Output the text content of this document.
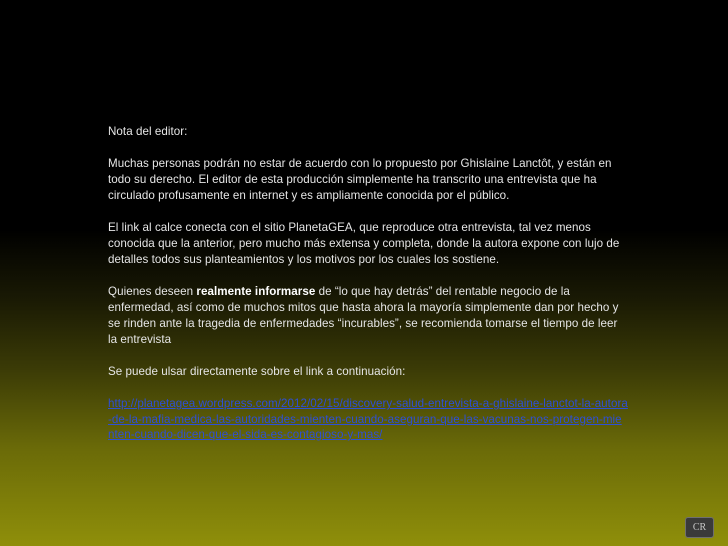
Nota del editor:

Muchas personas podrán no estar de acuerdo con lo propuesto por Ghislaine Lanctôt, y están en todo su derecho. El editor de esta producción simplemente ha transcrito una entrevista que ha circulado profusamente en internet y es ampliamente conocida por el público.

El link al calce conecta con el sitio PlanetaGEA, que reproduce otra entrevista, tal vez menos conocida que la anterior, pero mucho más extensa y completa, donde la autora expone con lujo de detalles todos sus planteamientos y los motivos por los cuales los sostiene.

Quienes deseen realmente informarse de “lo que hay detrás” del rentable negocio de la enfermedad, así como de muchos mitos que hasta ahora la mayoría simplemente dan por hecho y se rinden ante la tragedia de enfermedades “incurables”, se recomienda tomarse el tiempo de leer la entrevista

Se puede ulsar directamente sobre el link a continuación:

http://planetagea.wordpress.com/2012/02/15/discovery-salud-entrevista-a-ghislaine-lanctot-la-autora-de-la-mafia-medica-las-autoridades-mienten-cuando-aseguran-que-las-vacunas-nos-protegen-mienten-cuando-dicen-que-el-sida-es-contagioso-y-mas/
CR
